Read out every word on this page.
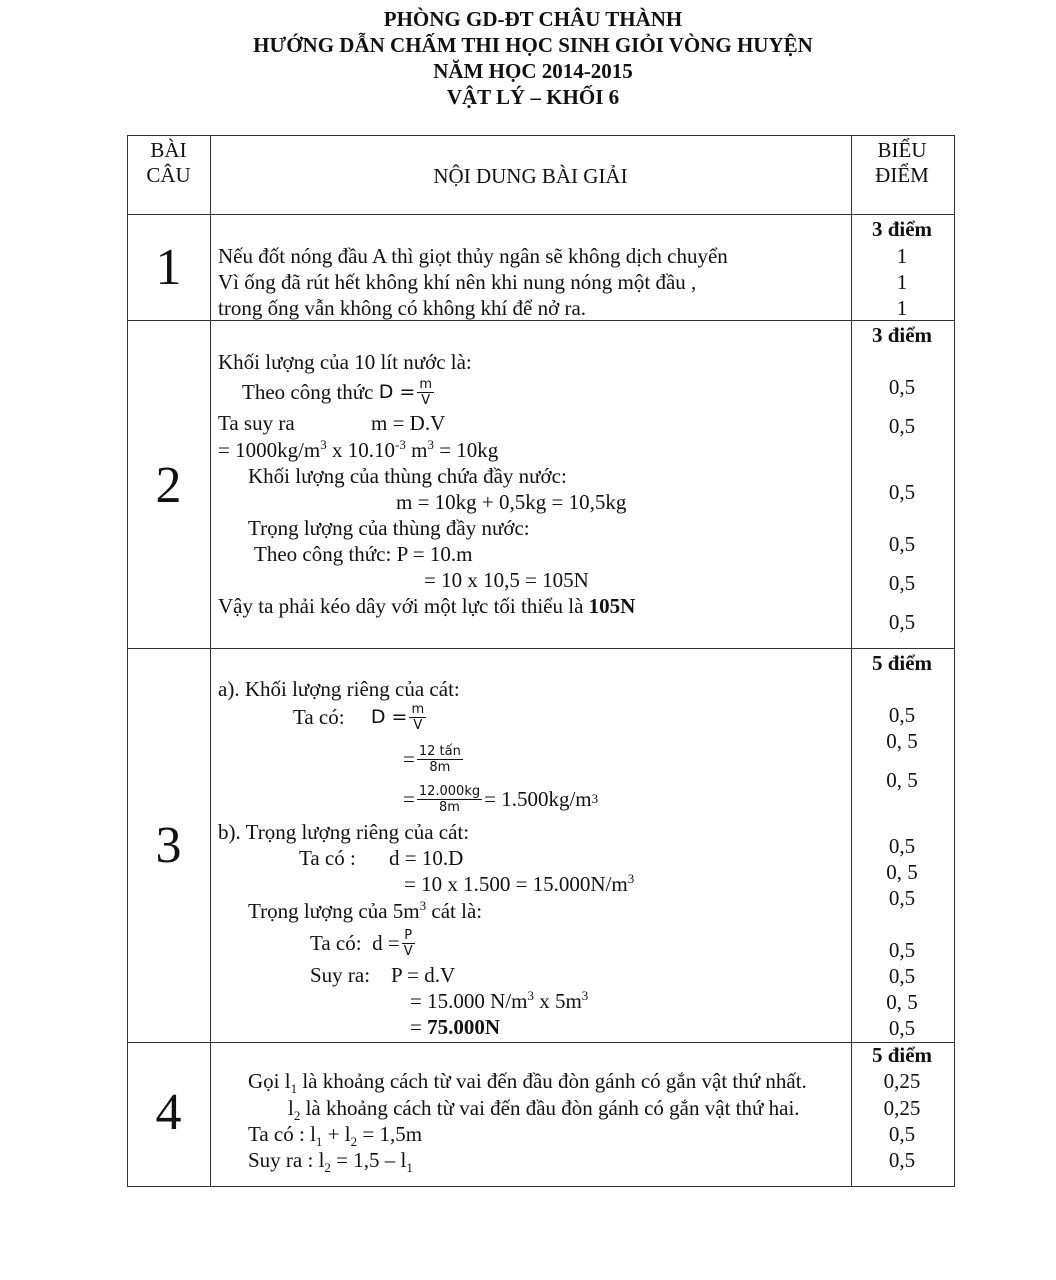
PHÒNG GD-ĐT CHÂU THÀNH
HƯỚNG DẪN CHẤM THI HỌC SINH GIỎI VÒNG HUYỆN
NĂM HỌC 2014-2015
VẬT LÝ – KHỐI 6
BÀI
CÂU	NỘI DUNG BÀI GIẢI
BIỂU
ĐIỂM
1
3 điểm
Nếu đốt nóng đầu A thì giọt thủy ngân sẽ không dịch chuyển
Vì ống đã rút hết không khí nên khi nung nóng một đầu ,
trong ống vẫn không có không khí để nở ra.
1
1
1
2
3 điểm
Khối lượng của 10 lít nước là:
Theo công thức
$D = \frac{m}{V}$
Ta suy ra	m = D.V
= $1000kg/m^3$ x $10.10^{-3}$ $m^3 = 10kg$
Khối lượng của thùng chứa đầy nước:
m = 10kg + 0,5kg = 10,5kg
Trọng lượng của thùng đầy nước:
Theo công thức: P = 10.m
= 10 x 10,5 = 105N
Vậy ta phải kéo dây với một lực tối thiểu là 105N
0,5
0,5
0,5
0,5
0,5
0,5
3
5 điểm
a). Khối lượng riêng của cát:
Ta có:
$D = \frac{m}{V}$
= $\frac{\text{12 tấn}}{8m}$
= $\frac{12.000kg}{8m} = 1.500kg/m$ 3
b). Trọng lượng riêng của cát:
Ta có : d = 10.D
= 10 x $1.500 = 15.000N/m^3$
Trọng lượng của $5m^3$ cát là:
Ta có:
$d = \frac{P}{V}$
Suy ra: P = d.V
= 15.000 $N/m^3$ x $5m^3$
= 75.000N
0,5
0, 5
0, 5
0,5
0, 5
0,5
0,5
0,5
0, 5
0,5
4
5 điểm
Gọi $l_1$ là khoảng cách từ vai đến đầu đòn gánh có gắn vật thứ nhất.
$l_2$ là khoảng cách từ vai đến đầu đòn gánh có gắn vật thứ hai.
Ta có : $l_1 + l_2 = 1,5m$
Suy ra : $l_2 = 1,5 - l_1$
0,25
0,25
0,5
0,5
